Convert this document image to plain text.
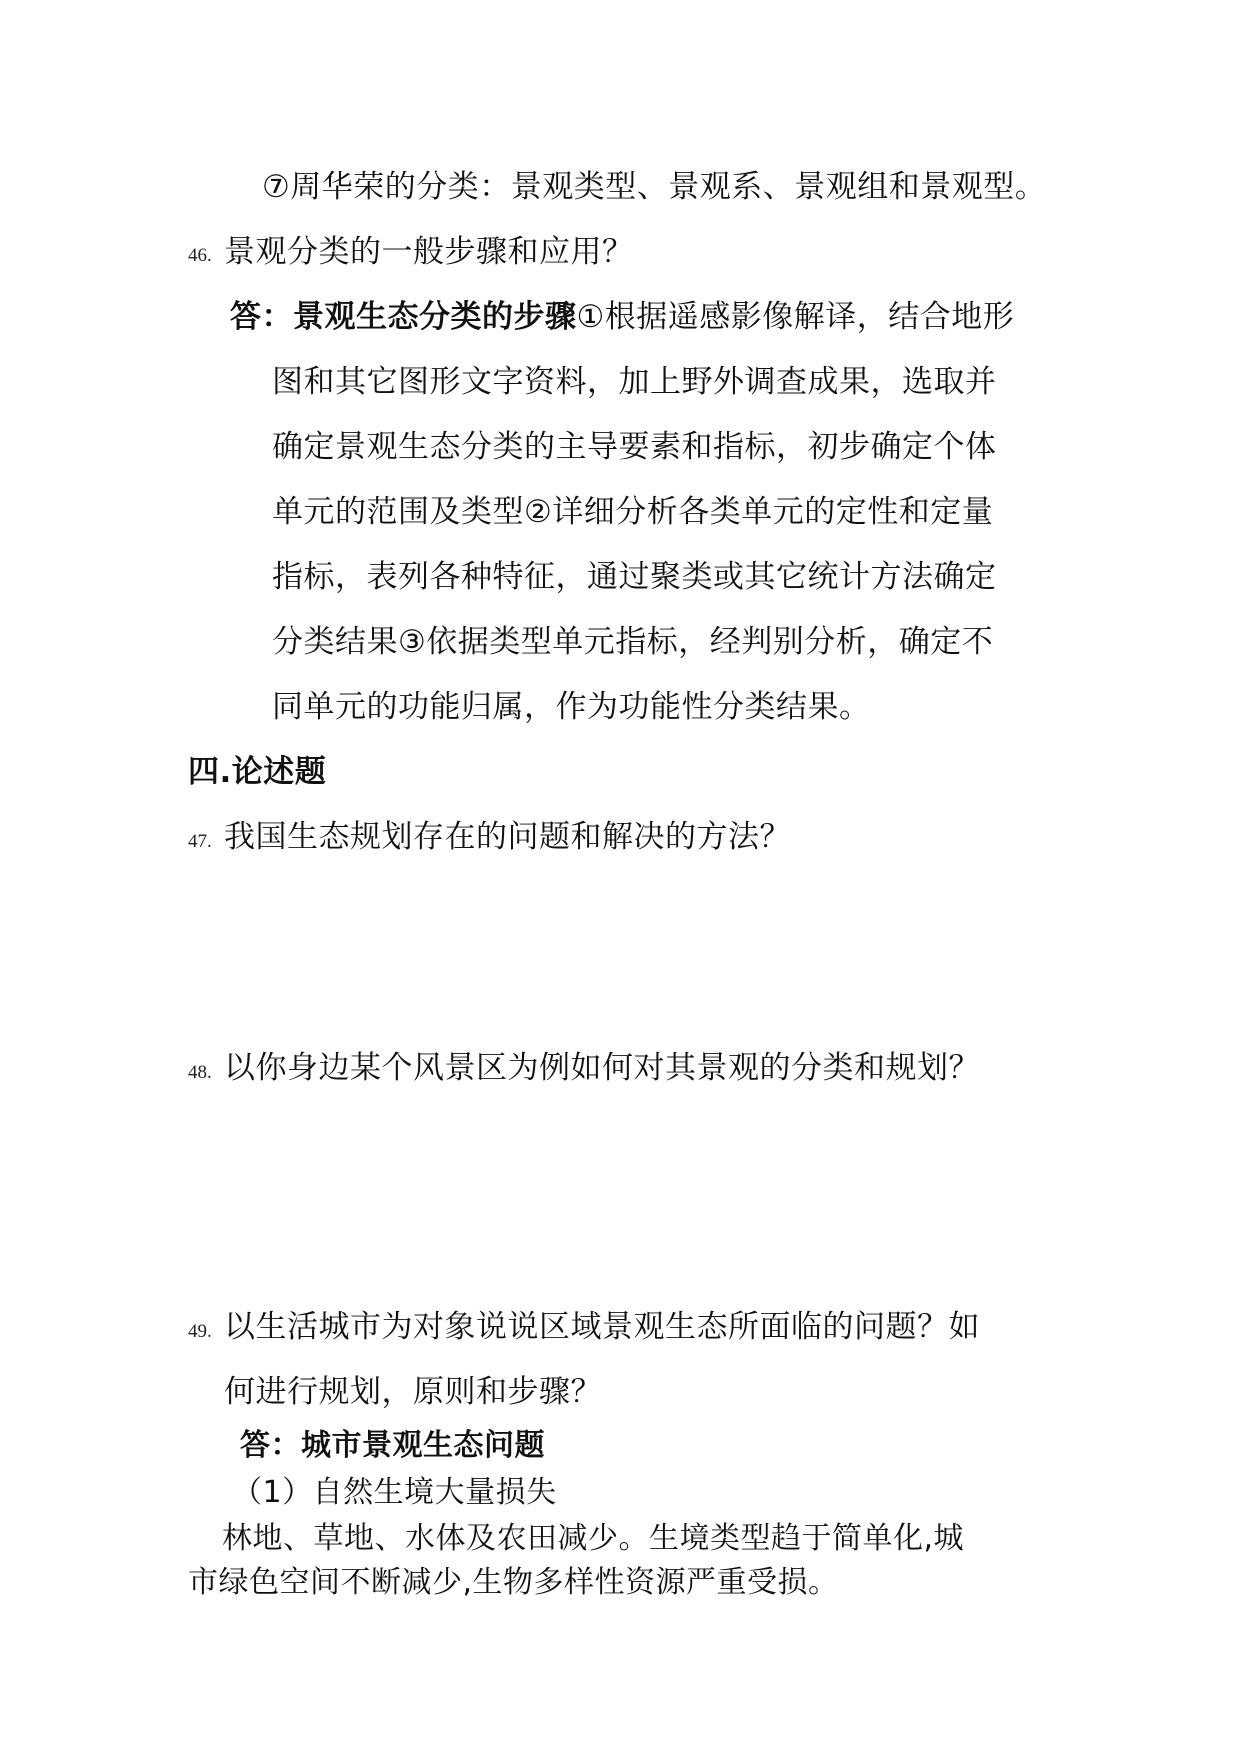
⑦周华荣的分类：景观类型、景观系、景观组和景观型。
46. 景观分类的一般步骤和应用？
答：景观生态分类的步骤①根据遥感影像解译，结合地形
图和其它图形文字资料，加上野外调查成果，选取并
确定景观生态分类的主导要素和指标，初步确定个体
单元的范围及类型②详细分析各类单元的定性和定量
指标，表列各种特征，通过聚类或其它统计方法确定
分类结果③依据类型单元指标，经判别分析，确定不
同单元的功能归属，作为功能性分类结果。
四.论述题
47. 我国生态规划存在的问题和解决的方法？
48. 以你身边某个风景区为例如何对其景观的分类和规划？
49. 以生活城市为对象说说区域景观生态所面临的问题？如
何进行规划，原则和步骤？
答：城市景观生态问题
（1）自然生境大量损失
林地、草地、水体及农田减少。生境类型趋于简单化,城
市绿色空间不断减少,生物多样性资源严重受损。
